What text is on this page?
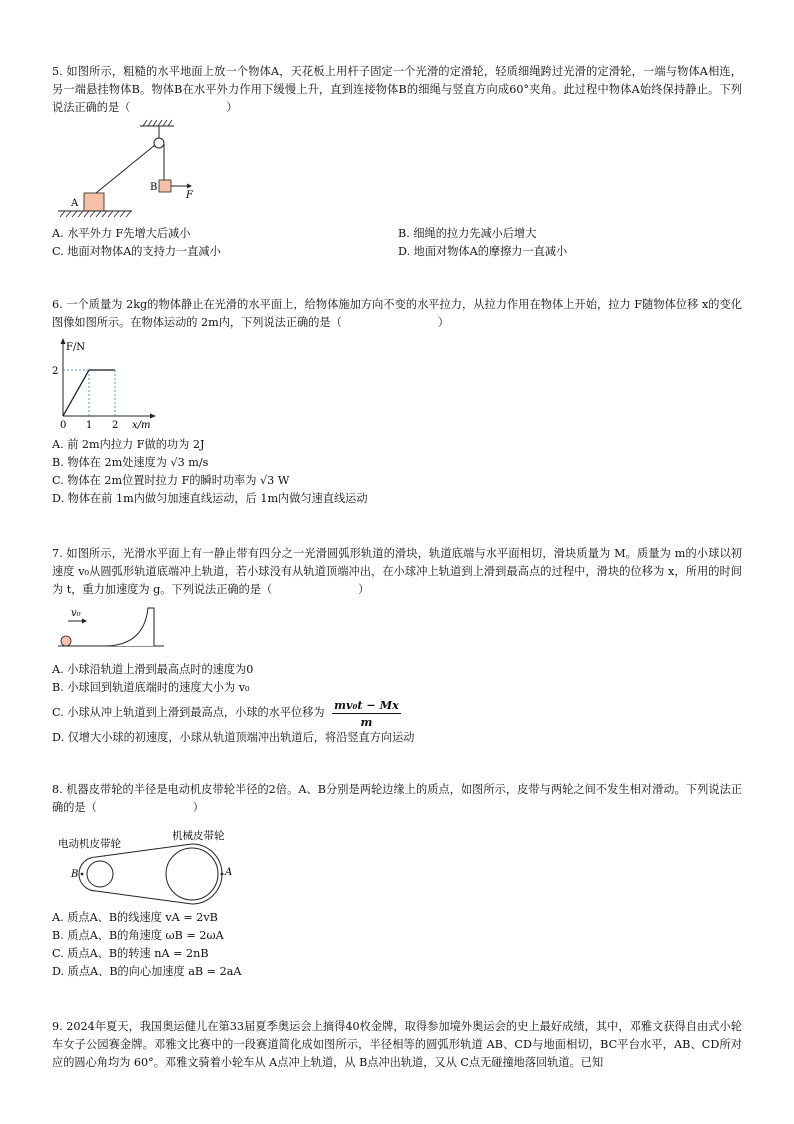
5. 如图所示，粗糙的水平地面上放一个物体A，天花板上用杆子固定一个光滑的定滑轮，轻质细绳跨过光滑的定滑轮，一端与物体A相连，另一端悬挂物体B。物体B在水平外力作用下缓慢上升，直到连接物体B的细绳与竖直方向成60°夹角。此过程中物体A始终保持静止。下列说法正确的是（	）

B
F
A
A. 水平外力 F先增大后减小	B. 细绳的拉力先减小后增大
C. 地面对物体A的支持力一直减小	D. 地面对物体A的摩擦力一直减小

6. 一个质量为 2kg的物体静止在光滑的水平面上，给物体施加方向不变的水平拉力，从拉力作用在物体上开始，拉力 F随物体位移 x的变化图像如图所示。在物体运动的 2m内，下列说法正确的是（	）

F/N
x/m
0 1 2
2
A. 前 2m内拉力 F做的功为 2J
B. 物体在 2m处速度为 √3 m/s
C. 物体在 2m位置时拉力 F的瞬时功率为 √3 W
D. 物体在前 1m内做匀加速直线运动，后 1m内做匀速直线运动

7. 如图所示，光滑水平面上有一静止带有四分之一光滑圆弧形轨道的滑块，轨道底端与水平面相切，滑块质量为 M。质量为 m的小球以初速度 v₀从圆弧形轨道底端冲上轨道，若小球没有从轨道顶端冲出，在小球冲上轨道到上滑到最高点的过程中，滑块的位移为 x，所用的时间为 t，重力加速度为 g。下列说法正确的是（	）

v₀
A. 小球沿轨道上滑到最高点时的速度为0
B. 小球回到轨道底端时的速度大小为 v₀
C. 小球从冲上轨道到上滑到最高点，小球的水平位移为 $\frac{\text{mv₀t − Mx}}{m}$
D. 仅增大小球的初速度，小球从轨道顶端冲出轨道后，将沿竖直方向运动

8. 机器皮带轮的半径是电动机皮带轮半径的2倍。A、B分别是两轮边缘上的质点，如图所示，皮带与两轮之间不发生相对滑动。下列说法正确的是（	）

电动机皮带轮
机械皮带轮
B	A
A. 质点A、B的线速度 vA = 2vB
B. 质点A、B的角速度 ωB = 2ωA
C. 质点A、B的转速 nA = 2nB
D. 质点A、B的向心加速度 aB = 2aA

9. 2024年夏天，我国奥运健儿在第33届夏季奥运会上摘得40枚金牌，取得参加境外奥运会的史上最好成绩，其中，邓雅文获得自由式小轮车女子公园赛金牌。邓雅文比赛中的一段赛道简化成如图所示，半径相等的圆弧形轨道 AB、CD与地面相切，BC平台水平，AB、CD所对应的圆心角均为 60°。邓雅文骑着小轮车从 A点冲上轨道，从 B点冲出轨道，又从 C点无碰撞地落回轨道。已知
